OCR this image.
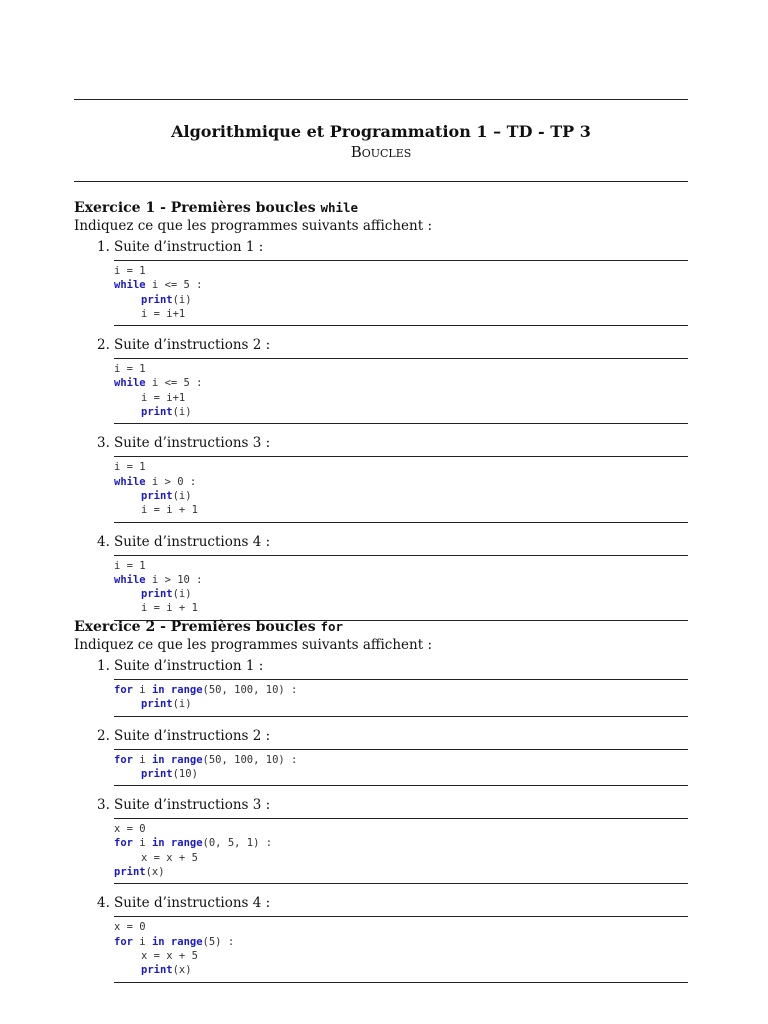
Algorithmique et Programmation 1 – TD - TP 3
Boucles
Exercice 1 - Premières boucles while
Indiquez ce que les programmes suivants affichent :
1. Suite d’instruction 1 :
i = 1
while i <= 5 :
print(i)
i = i+1
2. Suite d’instructions 2 :
i = 1
while i <= 5 :
i = i+1
print(i)
3. Suite d’instructions 3 :
i = 1
while i > 0 :
print(i)
i = i + 1
4. Suite d’instructions 4 :
i = 1
while i > 10 :
print(i)
i = i + 1
Exercice 2 - Premières boucles for
Indiquez ce que les programmes suivants affichent :
1. Suite d’instruction 1 :
for i in range(50, 100, 10) :
print(i)
2. Suite d’instructions 2 :
for i in range(50, 100, 10) :
print(10)
3. Suite d’instructions 3 :
x = 0
for i in range(0, 5, 1) :
x = x + 5
print(x)
4. Suite d’instructions 4 :
x = 0
for i in range(5) :
x = x + 5
print(x)
